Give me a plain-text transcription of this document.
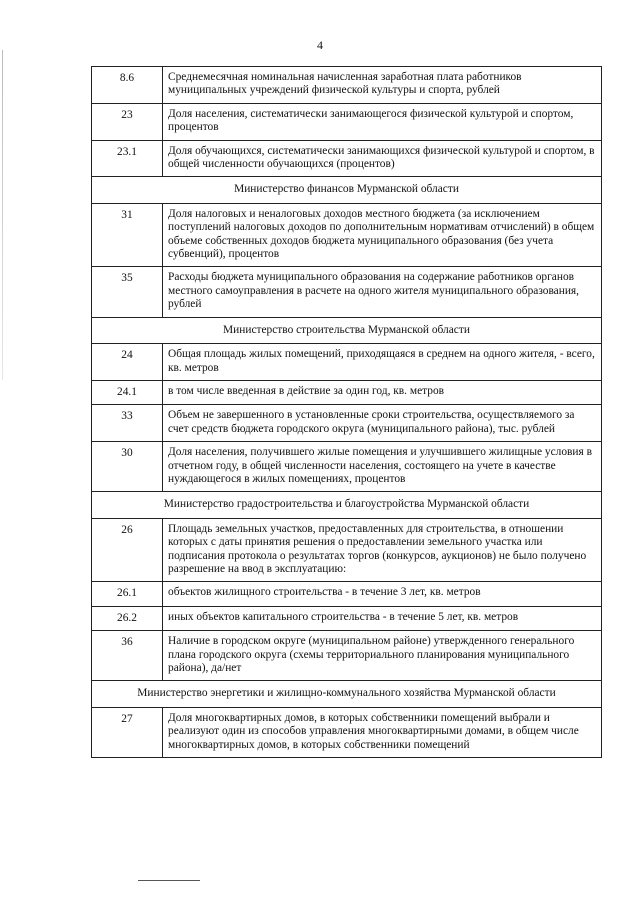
4
8.6	Среднемесячная номинальная начисленная заработная плата работников муниципальных учреждений физической культуры и спорта, рублей
23	Доля населения, систематически занимающегося физической культурой и спортом, процентов
23.1	Доля обучающихся, систематически занимающихся физической культурой и спортом, в общей численности обучающихся (процентов)
Министерство финансов Мурманской области	
31	Доля налоговых и неналоговых доходов местного бюджета (за исключением поступлений налоговых доходов по дополнительным нормативам отчислений) в общем объеме собственных доходов бюджета муниципального образования (без учета субвенций), процентов
35	Расходы бюджета муниципального образования на содержание работников органов местного самоуправления в расчете на одного жителя муниципального образования, рублей
Министерство строительства Мурманской области	
24	Общая площадь жилых помещений, приходящаяся в среднем на одного жителя, - всего, кв. метров
24.1	в том числе введенная в действие за один год, кв. метров
33	Объем не завершенного в установленные сроки строительства, осуществляемого за счет средств бюджета городского округа (муниципального района), тыс. рублей
30	Доля населения, получившего жилые помещения и улучшившего жилищные условия в отчетном году, в общей численности населения, состоящего на учете в качестве нуждающегося в жилых помещениях, процентов
Министерство градостроительства и благоустройства Мурманской области	
26	Площадь земельных участков, предоставленных для строительства, в отношении которых с даты принятия решения о предоставлении земельного участка или подписания протокола о результатах торгов (конкурсов, аукционов) не было получено разрешение на ввод в эксплуатацию:
26.1	объектов жилищного строительства - в течение 3 лет, кв. метров
26.2	иных объектов капитального строительства - в течение 5 лет, кв. метров
36	Наличие в городском округе (муниципальном районе) утвержденного генерального плана городского округа (схемы территориального планирования муниципального района), да/нет
Министерство энергетики и жилищно-коммунального хозяйства Мурманской области	
27	Доля многоквартирных домов, в которых собственники помещений выбрали и реализуют один из способов управления многоквартирными домами, в общем числе многоквартирных домов, в которых собственники помещений
